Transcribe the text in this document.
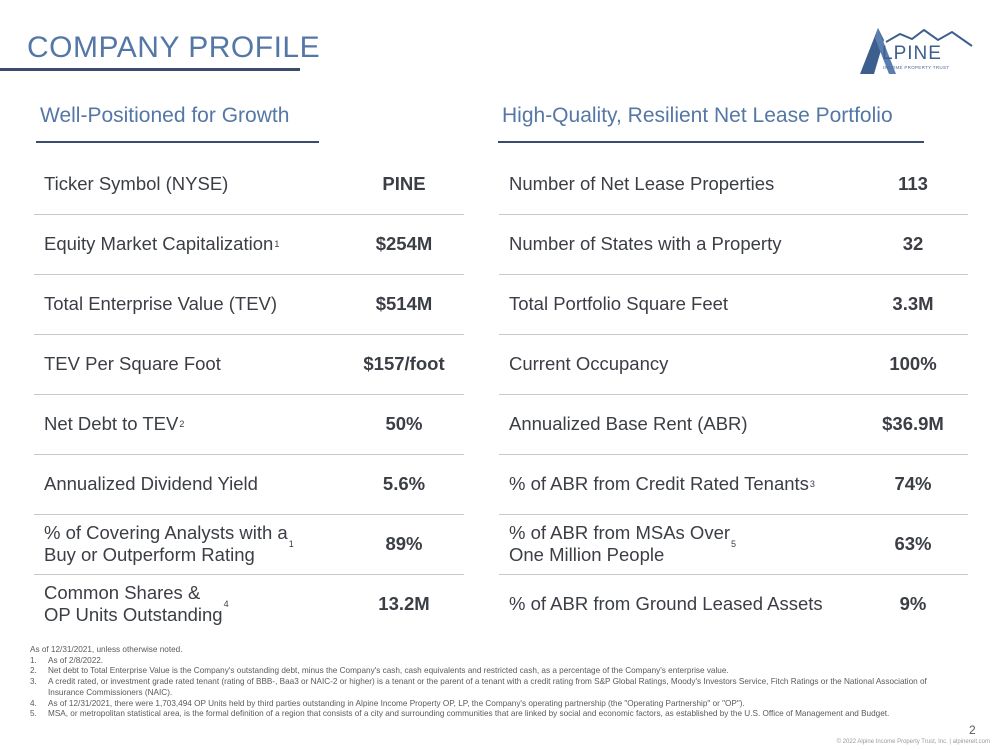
COMPANY PROFILE	LPINE
INCOME PROPERTY TRUST
Well-Positioned for Growth	High-Quality, Resilient Net Lease Portfolio
Ticker Symbol (NYSE)	PINE
Equity Market Capitalization 1	$254M
Total Enterprise Value (TEV)	$514M
TEV Per Square Foot	$157/foot
Net Debt to TEV 2	50%
Annualized Dividend Yield	5.6%
% of Covering Analysts with a
Buy or Outperform Rating	1	89%
Common Shares &
OP Units Outstanding 4	13.2M
Number of Net Lease Properties	113
Number of States with a Property	32
Total Portfolio Square Feet	3.3M
Current Occupancy	100%
Annualized Base Rent (ABR)	$36.9M
% of ABR from Credit Rated Tenants 3	74%
% of ABR from MSAs Over
One Million People	5	63%
% of ABR from Ground Leased Assets	9%
As of 12/31/2021, unless otherwise noted.
1.	As of 2/8/2022.
2.	Net debt to Total Enterprise Value is the Company's outstanding debt, minus the Company's cash, cash equivalents and restricted cash, as a percentage of the Company's enterprise value.
3.	A credit rated, or investment grade rated tenant (rating of BBB-, Baa3 or NAIC-2 or higher) is a tenant or the parent of a tenant with a credit rating from S&P Global Ratings, Moody's Investors Service, Fitch Ratings or the National Association of Insurance Commissioners (NAIC).
4.	As of 12/31/2021, there were 1,703,494 OP Units held by third parties outstanding in Alpine Income Property OP, LP, the Company's operating partnership (the "Operating Partnership" or "OP").
5.	MSA, or metropolitan statistical area, is the formal definition of a region that consists of a city and surrounding communities that are linked by social and economic factors, as established by the U.S. Office of Management and Budget.
2
© 2022 Alpine Income Property Trust, Inc. | alpinereit.com
